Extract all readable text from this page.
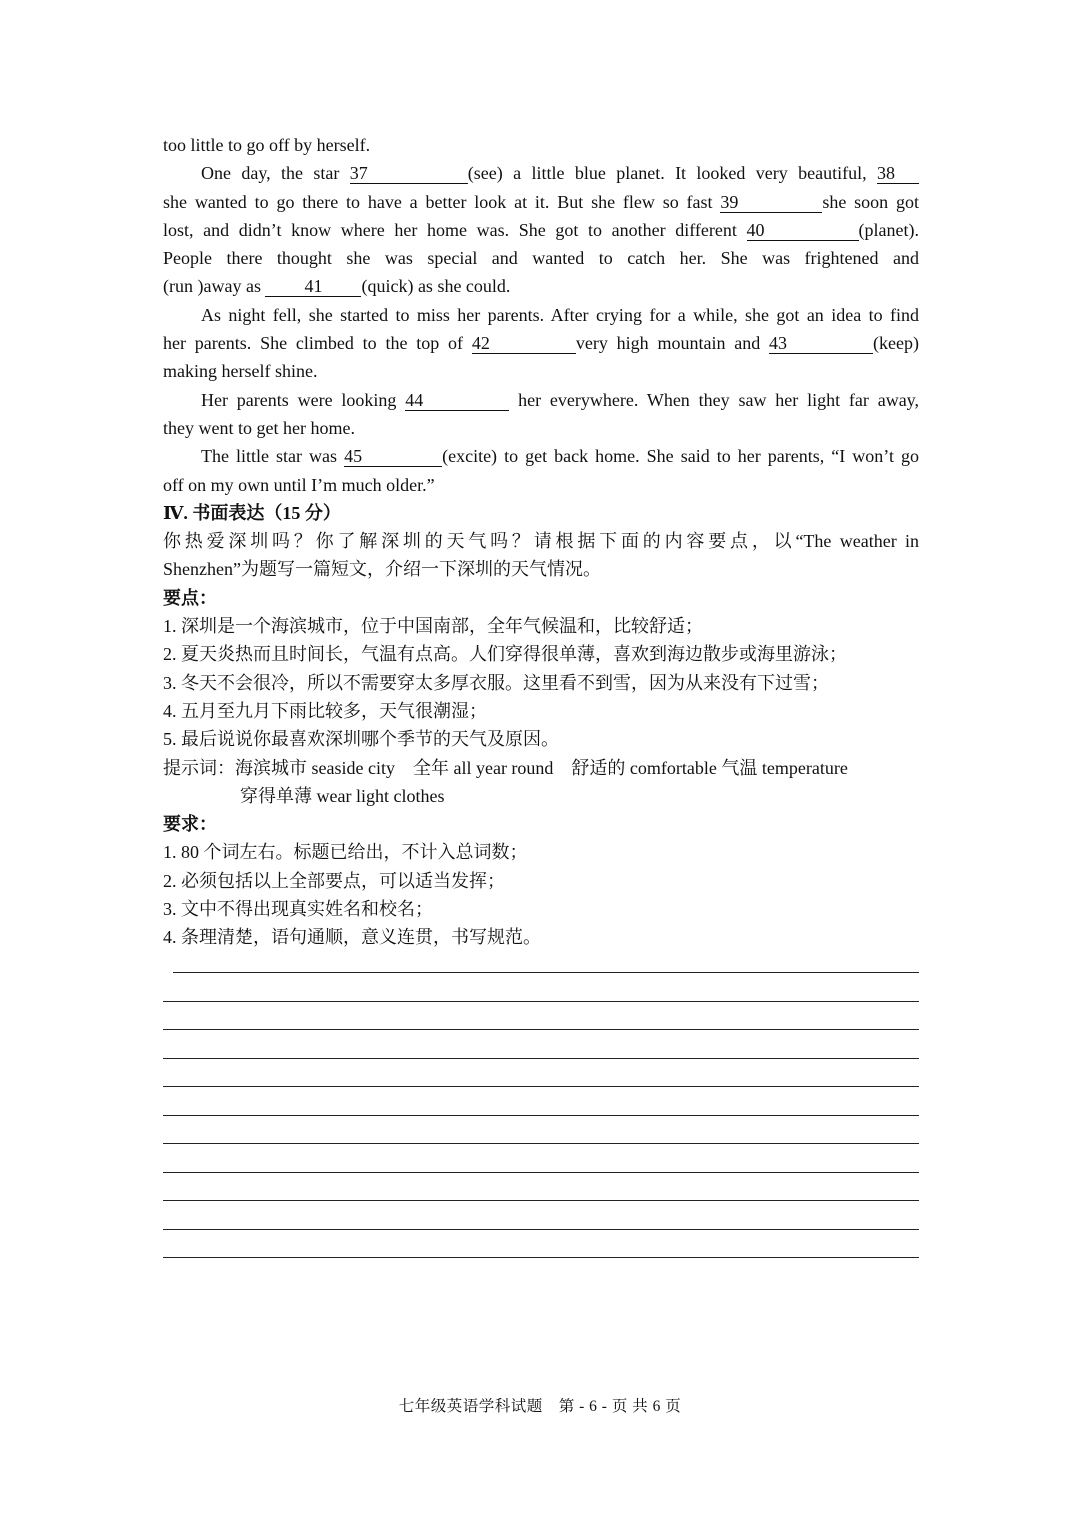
too little to go off by herself.
One day, the star 37	(see) a little blue planet. It looked very beautiful, 38
she wanted to go there to have a better look at it. But she flew so fast 39	she soon got
lost, and didn’t know where her home was. She got to another different 40	(planet).
People there thought she was special and wanted to catch her. She was frightened and
(run )away as 41 (quick) as she could.
As night fell, she started to miss her parents. After crying for a while, she got an idea to find
her parents. She climbed to the top of 42	very high mountain and 43	(keep)
making herself shine.
Her parents were looking 44	her everywhere. When they saw her light far away,
they went to get her home.
The little star was 45	(excite) to get back home. She said to her parents, “I won’t go
off on my own until I’m much older.”
Ⅳ. 书面表达（15 分）
你热爱深圳吗？你了解深圳的天气吗？请根据下面的内容要点，以“The weather in
Shenzhen”为题写一篇短文，介绍一下深圳的天气情况。
要点：
1. 深圳是一个海滨城市，位于中国南部，全年气候温和，比较舒适；
2. 夏天炎热而且时间长，气温有点高。人们穿得很单薄，喜欢到海边散步或海里游泳；
3. 冬天不会很冷，所以不需要穿太多厚衣服。这里看不到雪，因为从来没有下过雪；
4. 五月至九月下雨比较多，天气很潮湿；
5. 最后说说你最喜欢深圳哪个季节的天气及原因。
提示词：海滨城市 seaside city　全年 all year round　舒适的 comfortable 气温 temperature
穿得单薄 wear light clothes
要求：
1. 80 个词左右。标题已给出，不计入总词数；
2. 必须包括以上全部要点，可以适当发挥；
3. 文中不得出现真实姓名和校名；
4. 条理清楚，语句通顺，意义连贯，书写规范。
七年级英语学科试题　第 - 6 - 页 共 6 页
